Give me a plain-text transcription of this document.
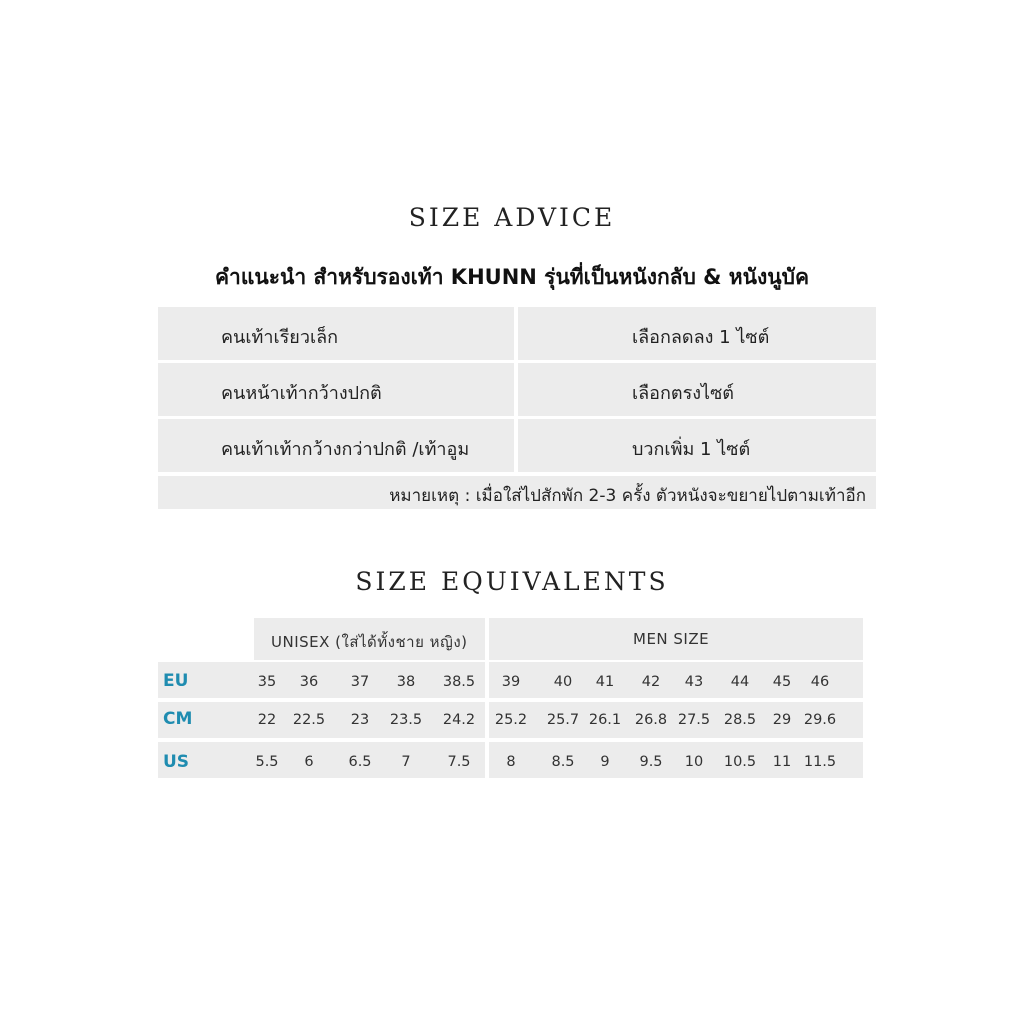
SIZE ADVICE
คำแนะนำ สำหรับรองเท้า KHUNN รุ่นที่เป็นหนังกลับ & หนังนูบัค
คนเท้าเรียวเล็ก	เลือกลดลง 1 ไซต์
คนหน้าเท้ากว้างปกติ	เลือกตรงไซต์
คนเท้าเท้ากว้างกว่าปกติ /เท้าอูม	บวกเพิ่ม 1 ไซต์
หมายเหตุ : เมื่อใส่ไปสักพัก 2-3 ครั้ง ตัวหนังจะขยายไปตามเท้าอีก
SIZE EQUIVALENTS
UNISEX (ใส่ได้ทั้งชาย หญิง)	MEN SIZE
EU	35	36	37	38	38.5	39	40	41	42	43	44	45	46
CM	22	22.5	23	23.5	24.2	25.2	25.7 26.1 26.8 27.5 28.5	29 29.6
US	5.5	6	6.5	7	7.5	8	8.5	9	9.5	10	10.5	11 11.5
